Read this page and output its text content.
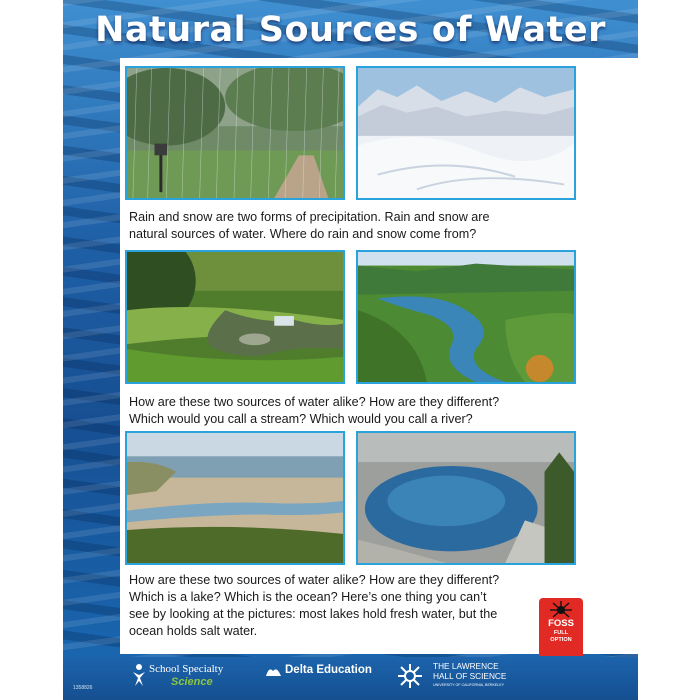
Natural Sources of Water

Rain and snow are two forms of precipitation. Rain and snow are
natural sources of water. Where do rain and snow come from?

How are these two sources of water alike? How are they different?
Which would you call a stream? Which would you call a river?

How are these two sources of water alike? How are they different?
Which is a lake? Which is the ocean? Here’s one thing you can’t
see by looking at the pictures: most lakes hold fresh water, but the
ocean holds salt water.

FOSS
FULL
OPTION
1358826
School Specialty
Science
Delta Education	THE LAWRENCE
HALL OF SCIENCE
UNIVERSITY OF CALIFORNIA, BERKELEY
